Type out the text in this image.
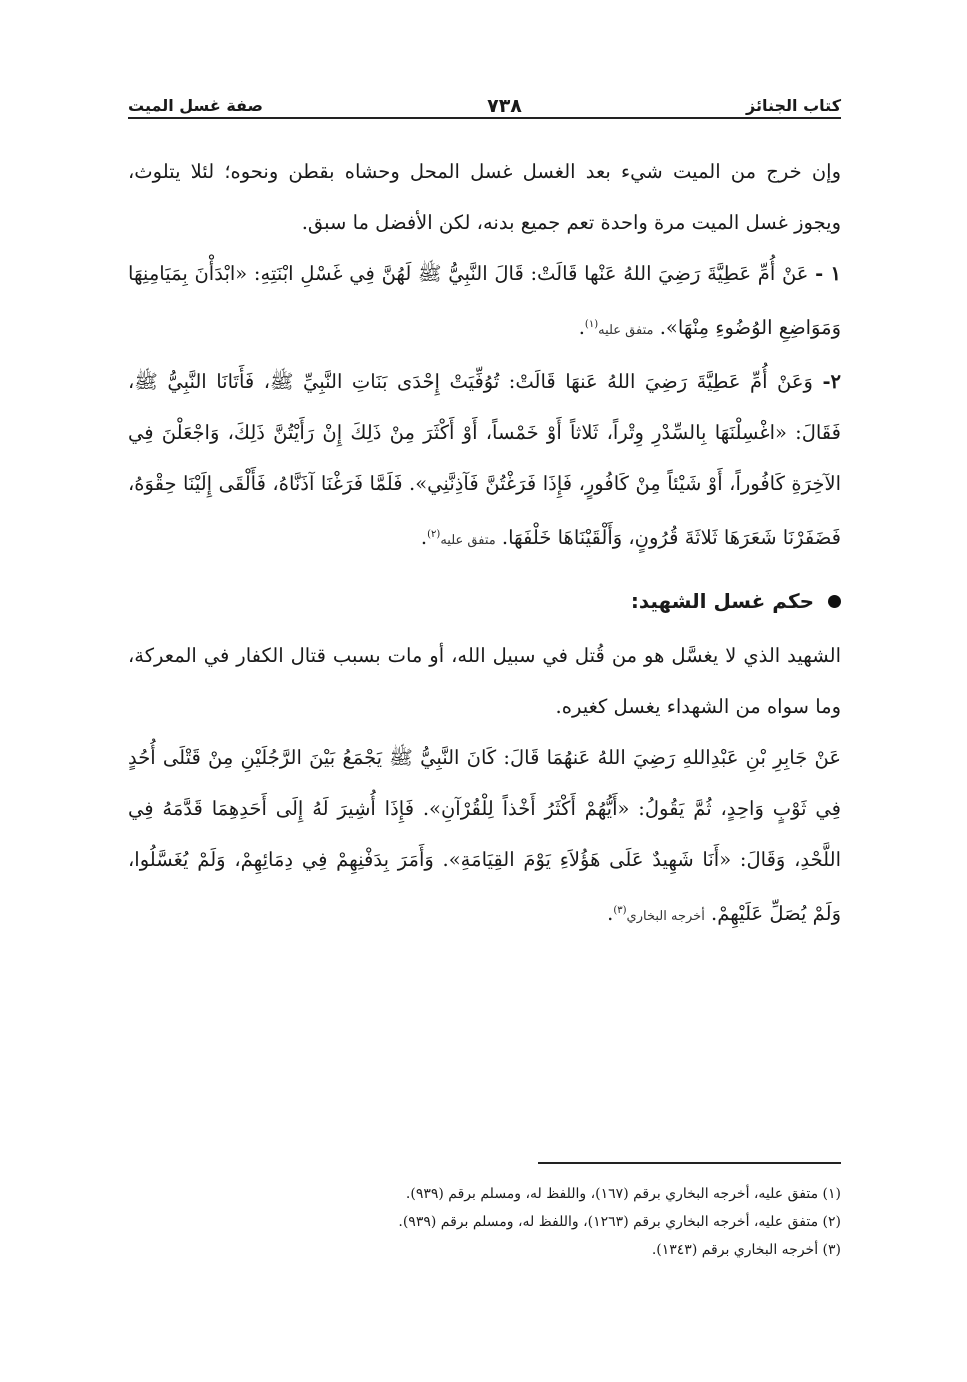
كتاب الجنائز
٧٣٨
صفة غسل الميت

وإن خرج من الميت شيء بعد الغسل غسل المحل وحشاه بقطن ونحوه؛ لئلا يتلوث، ويجوز غسل الميت مرة واحدة تعم جميع بدنه، لكن الأفضل ما سبق.

١ - عَنْ أُمِّ عَطِيَّةَ رَضِيَ اللهُ عَنْها قَالَتْ: قَالَ النَّبِيُّ ﷺ لَهُنَّ فِي غَسْلِ ابْنَتِهِ: «ابْدَأْنَ بِمَيَامِنِهَا وَمَوَاضِعِ الوُضُوءِ مِنْهَا». متفق عليه$^{(١)}$.

٢- وَعَنْ أُمِّ عَطِيَّةَ رَضِيَ اللهُ عَنهَا قَالَتْ: تُوُفِّيَتْ إِحْدَى بَنَاتِ النَّبِيِّ ﷺ، فَأَتَانَا النَّبِيُّ ﷺ، فَقَالَ: «اغْسِلْنَهَا بِالسِّدْرِ وِتْراً، ثَلاثاً أَوْ خَمْساً، أَوْ أَكْثَرَ مِنْ ذَلِكَ إِنْ رَأَيْتُنَّ ذَلِكَ، وَاجْعَلْنَ فِي الآخِرَةِ كَافُوراً، أَوْ شَيْئاً مِنْ كَافُورٍ، فَإِذَا فَرَغْتُنَّ فَآذِنَّنِي». فَلَمَّا فَرَغْنَا آذَنَّاهُ، فَأَلْقَى إِلَيْنَا حِقْوَهُ، فَضَفَرْنَا شَعَرَهَا ثَلاثَةَ قُرُونٍ، وَأَلْقَيْنَاهَا خَلْفَهَا. متفق عليه$^{(٢)}$.

حكم غسل الشهيد:

الشهيد الذي لا يغسَّل هو من قُتل في سبيل الله، أو مات بسبب قتال الكفار في المعركة، وما سواه من الشهداء يغسل كغيره.

عَنْ جَابِرِ بْنِ عَبْدِاللهِ رَضِيَ اللهُ عَنهُمَا قَالَ: كَانَ النَّبِيُّ ﷺ يَجْمَعُ بَيْنَ الرَّجُلَيْنِ مِنْ قَتْلَى أُحُدٍ فِي ثَوْبٍ وَاحِدٍ، ثُمَّ يَقُولُ: «أَيُّهُمْ أَكْثَرُ أَخْذاً لِلْقُرْآنِ». فَإِذَا أُشِيرَ لَهُ إِلَى أَحَدِهِمَا قَدَّمَهُ فِي اللَّحْدِ، وَقَالَ: «أَنَا شَهِيدٌ عَلَى هَؤُلاَءِ يَوْمَ القِيَامَةِ». وَأَمَرَ بِدَفْنِهِمْ فِي دِمَائِهِمْ، وَلَمْ يُغَسَّلُوا، وَلَمْ يُصَلِّ عَلَيْهِمْ. أخرجه البخاري$^{(٣)}$.

(١) متفق عليه، أخرجه البخاري برقم (١٦٧)، واللفظ له، ومسلم برقم (٩٣٩).

(٢) متفق عليه، أخرجه البخاري برقم (١٢٦٣)، واللفظ له، ومسلم برقم (٩٣٩).

(٣) أخرجه البخاري برقم (١٣٤٣).
